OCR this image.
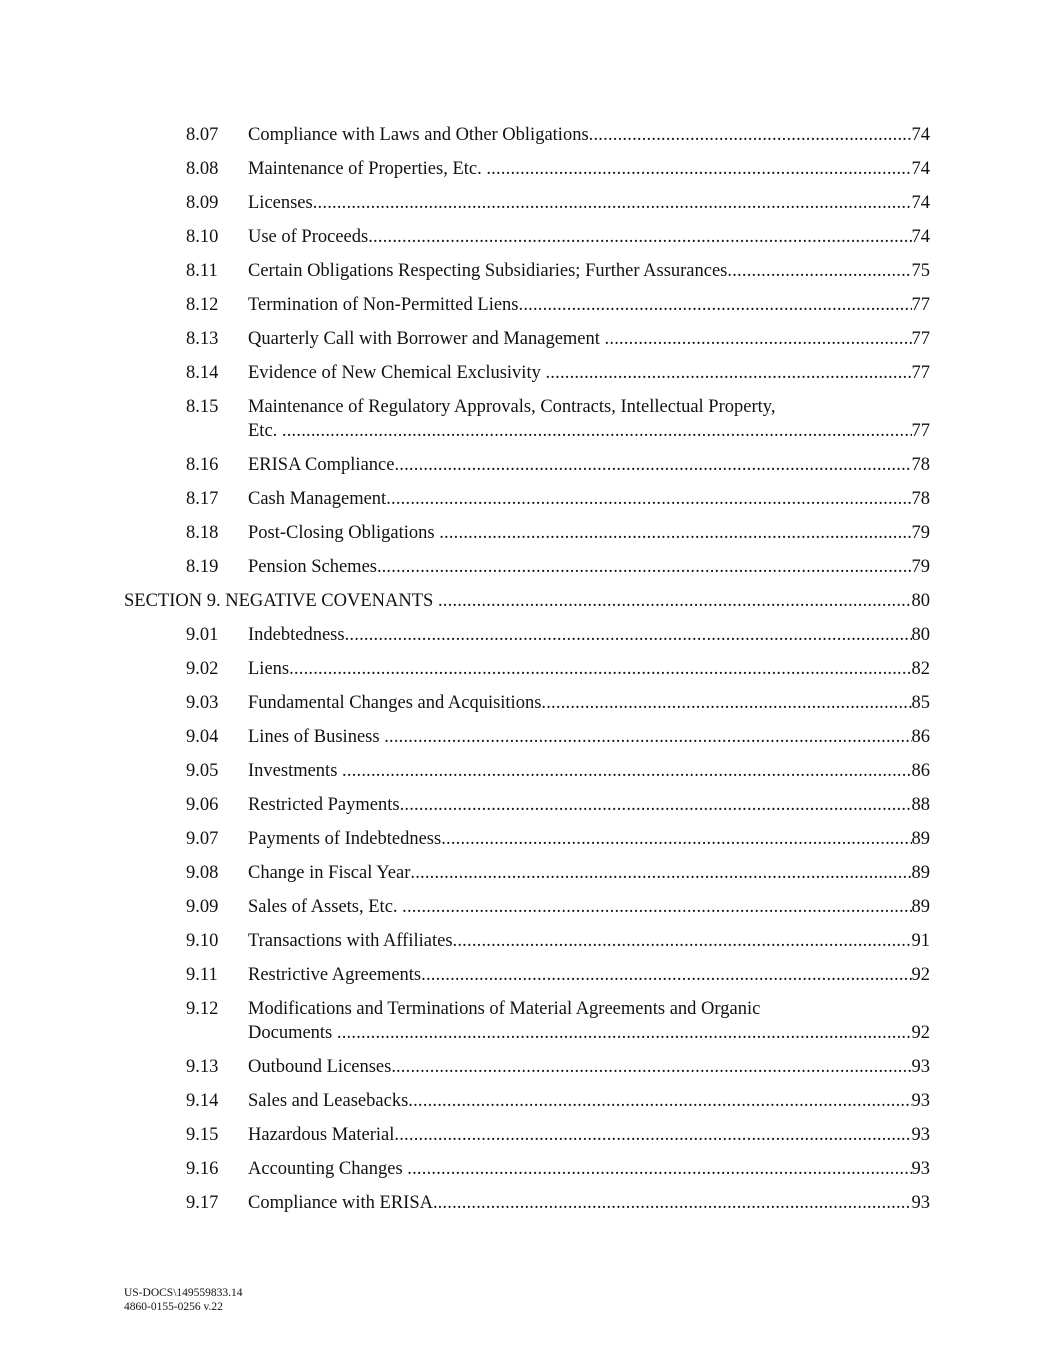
8.07 Compliance with Laws and Other Obligations .....	74
8.08 Maintenance of Properties, Etc. .....	74
8.09 Licenses .....	74
8.10 Use of Proceeds .....	74
8.11 Certain Obligations Respecting Subsidiaries; Further Assurances .....	75
8.12 Termination of Non-Permitted Liens .....	77
8.13 Quarterly Call with Borrower and Management .....	77
8.14 Evidence of New Chemical Exclusivity .....	77
8.15 Maintenance of Regulatory Approvals, Contracts, Intellectual Property,
Etc. .....	77
8.16 ERISA Compliance .....	78
8.17 Cash Management .....	78
8.18 Post-Closing Obligations .....	79
8.19 Pension Schemes. .....	79
SECTION 9. NEGATIVE COVENANTS .....	80
9.01 Indebtedness .....	80
9.02 Liens .....	82
9.03 Fundamental Changes and Acquisitions .....	85
9.04 Lines of Business .....	86
9.05 Investments .....	86
9.06 Restricted Payments .....	88
9.07 Payments of Indebtedness .....	89
9.08 Change in Fiscal Year .....	89
9.09 Sales of Assets, Etc. .....	89
9.10 Transactions with Affiliates .....	91
9.11 Restrictive Agreements .....	92
9.12 Modifications and Terminations of Material Agreements and Organic
Documents .....	92
9.13 Outbound Licenses. .....	93
9.14 Sales and Leasebacks .....	93
9.15 Hazardous Material .....	93
9.16 Accounting Changes .....	93
9.17 Compliance with ERISA. .....	93
US-DOCS\149559833.14
4860-0155-0256 v.22
